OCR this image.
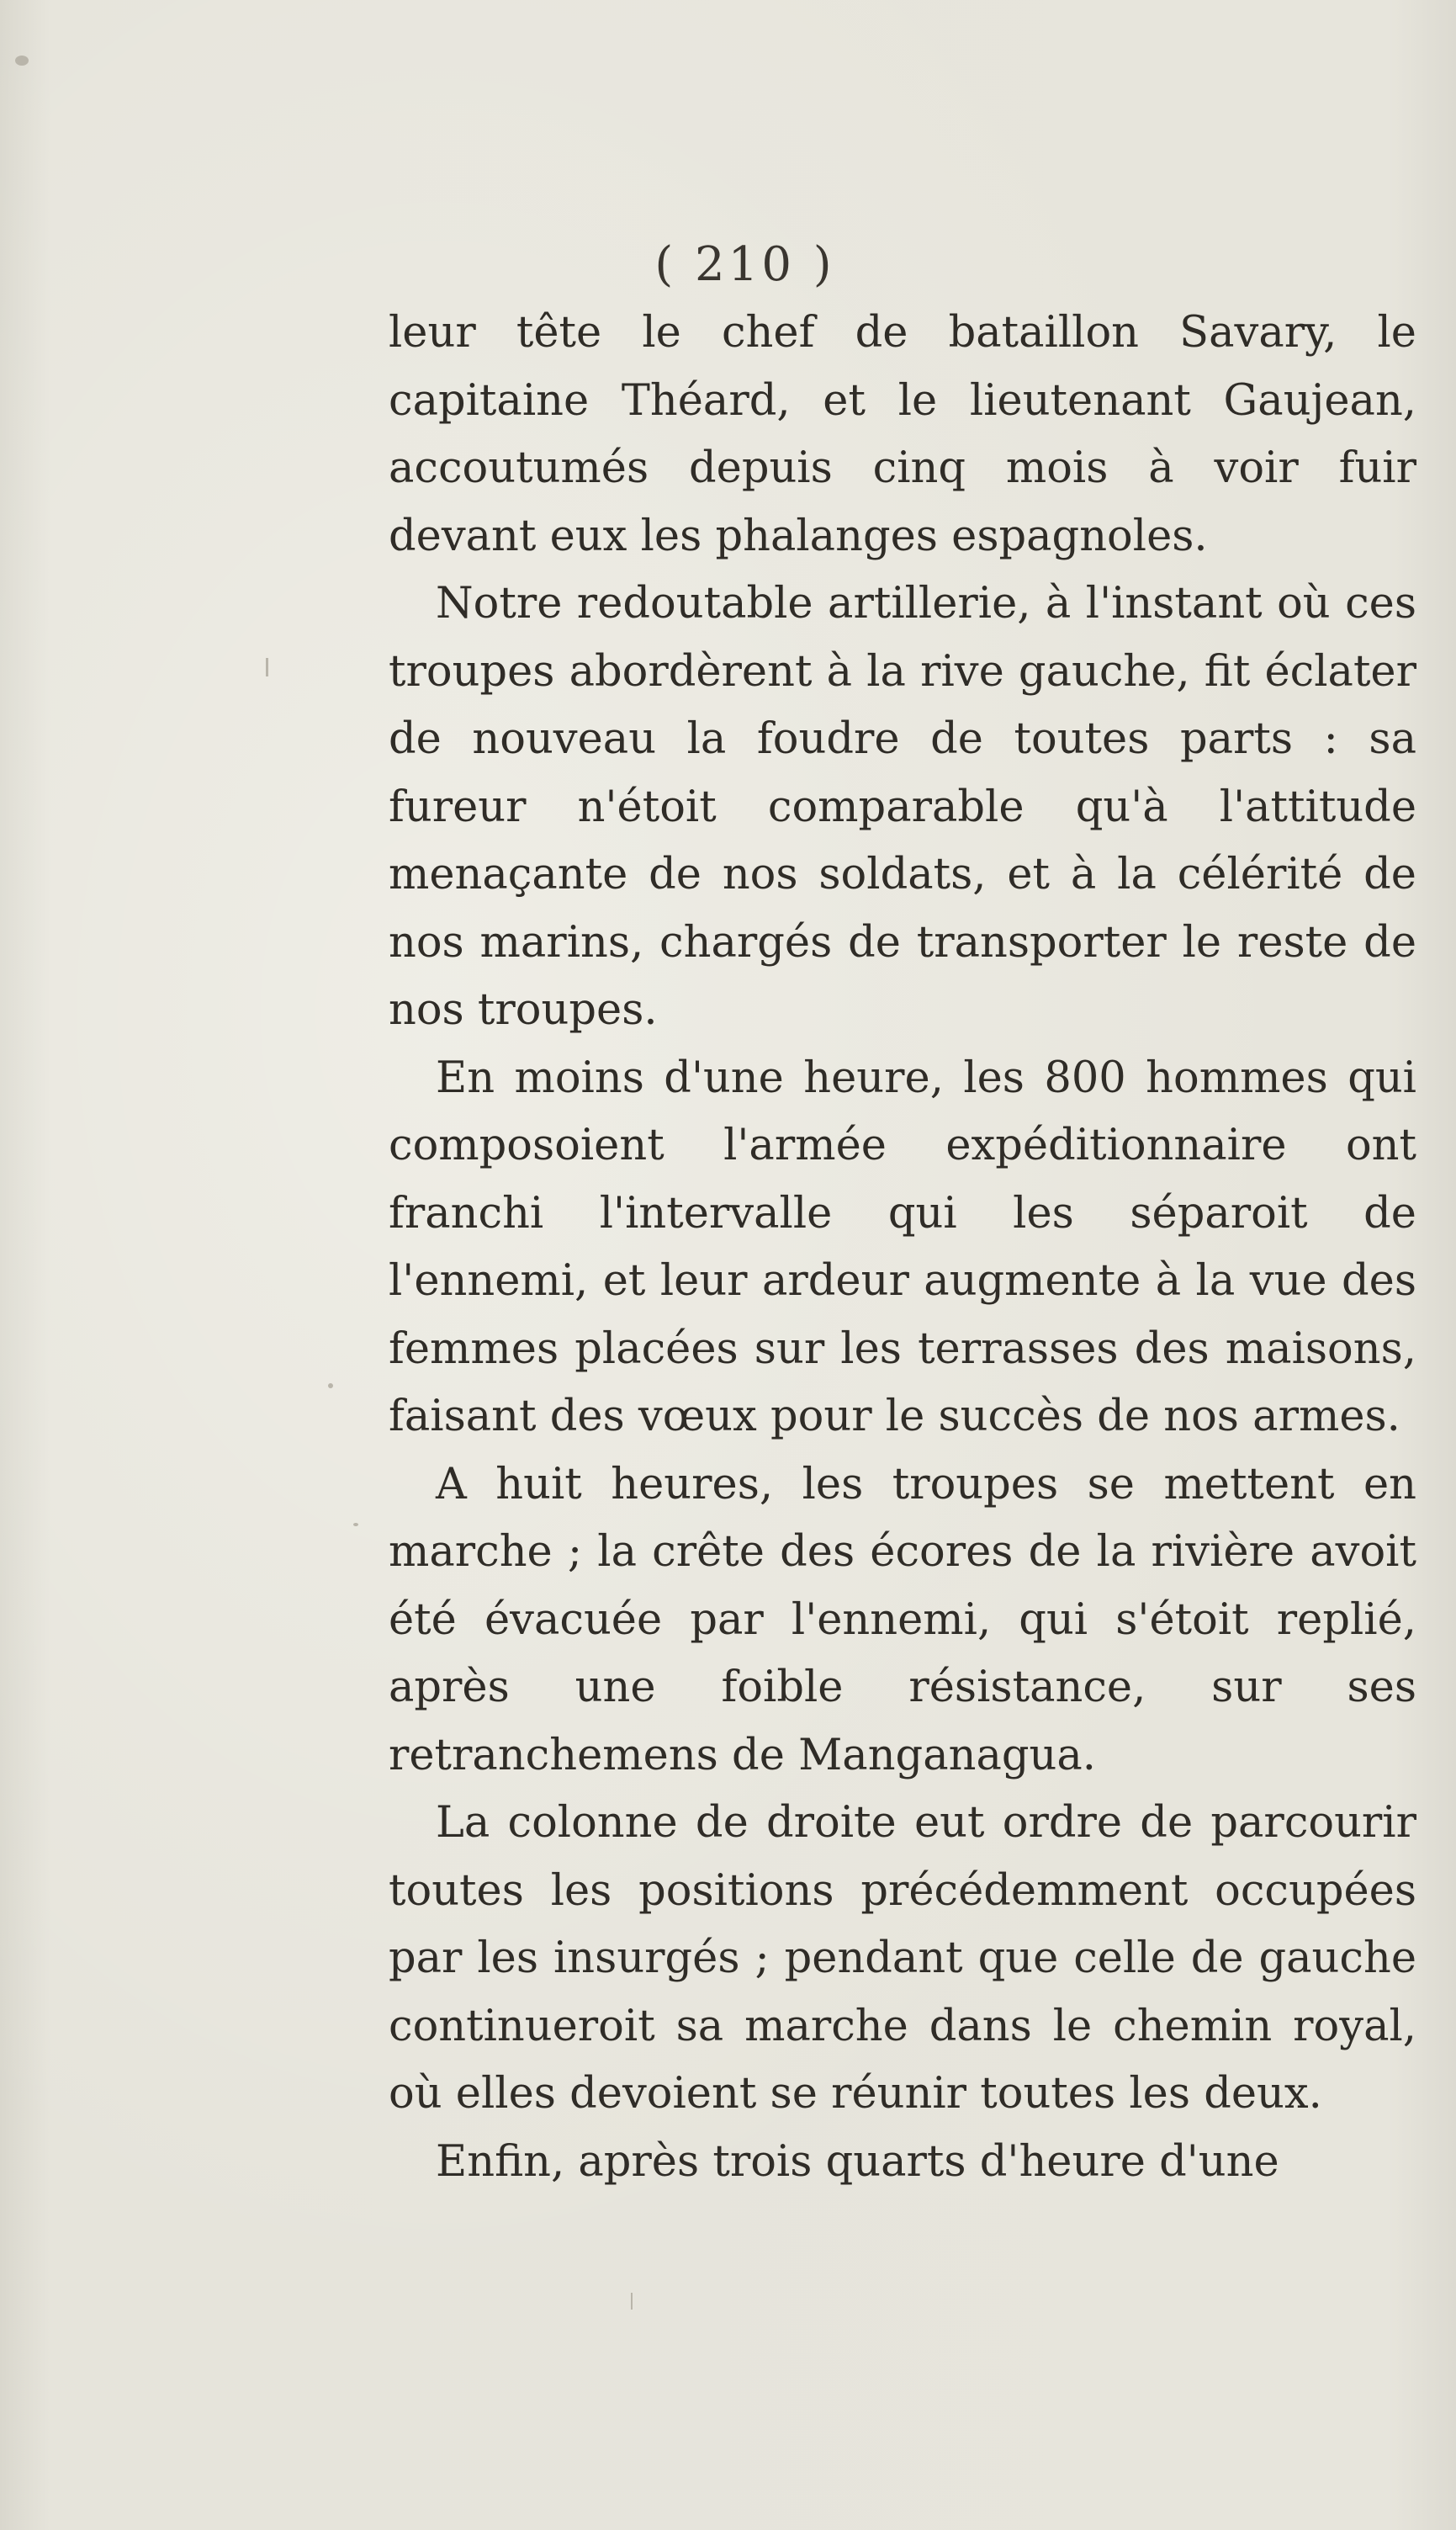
( 210 )

leur tête le chef de bataillon Savary, le capitaine Théard, et le lieutenant Gaujean, accoutumés depuis cinq mois à voir fuir devant eux les phalanges espagnoles.

Notre redoutable artillerie, à l'instant où ces troupes abordèrent à la rive gauche, fit éclater de nouveau la foudre de toutes parts : sa fureur n'étoit comparable qu'à l'attitude menaçante de nos soldats, et à la célérité de nos marins, chargés de transporter le reste de nos troupes.

En moins d'une heure, les 800 hommes qui composoient l'armée expéditionnaire ont franchi l'intervalle qui les séparoit de l'ennemi, et leur ardeur augmente à la vue des femmes placées sur les terrasses des maisons, faisant des vœux pour le succès de nos armes.

A huit heures, les troupes se mettent en marche ; la crête des écores de la rivière avoit été évacuée par l'ennemi, qui s'étoit replié, après une foible résistance, sur ses retranchemens de Manganagua.

La colonne de droite eut ordre de parcourir toutes les positions précédemment occupées par les insurgés ; pendant que celle de gauche continueroit sa marche dans le chemin royal, où elles devoient se réunir toutes les deux.

Enfin, après trois quarts d'heure d'une
